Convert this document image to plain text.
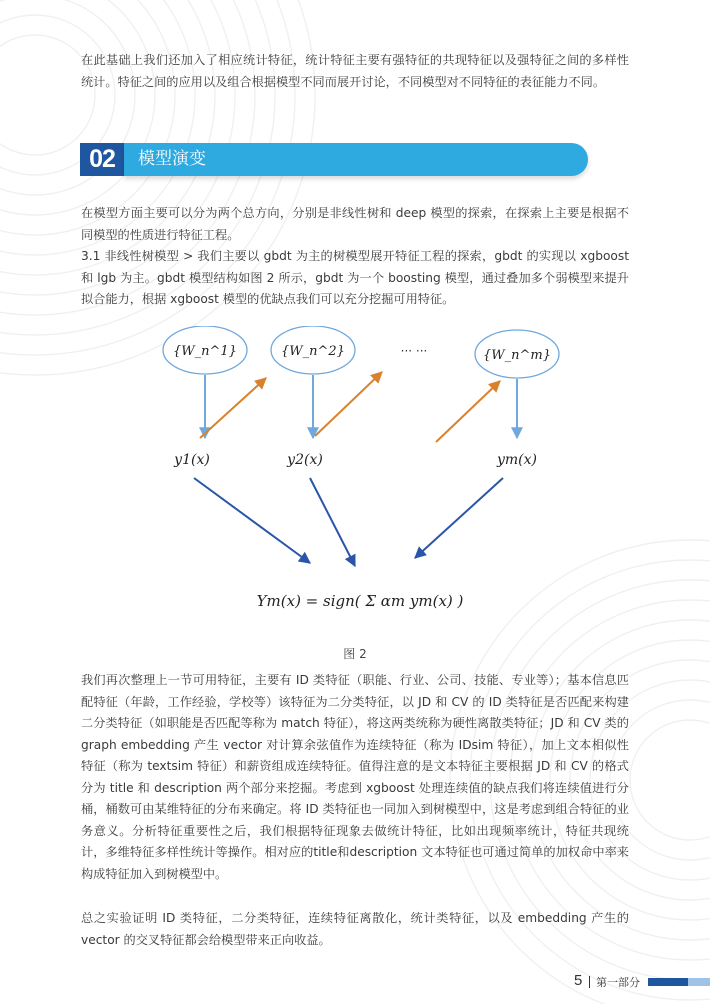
在此基础上我们还加入了相应统计特征，统计特征主要有强特征的共现特征以及强特征之间的多样性统计。特征之间的应用以及组合根据模型不同而展开讨论，不同模型对不同特征的表征能力不同。

02	模型演变

在模型方面主要可以分为两个总方向，分别是非线性树和 deep 模型的探索，在探索上主要是根据不同模型的性质进行特征工程。

3.1 非线性树模型 > 我们主要以 gbdt 为主的树模型展开特征工程的探索，gbdt 的实现以 xgboost 和 lgb 为主。gbdt 模型结构如图 2 所示，gbdt 为一个 boosting 模型，通过叠加多个弱模型来提升拟合能力，根据 xgboost 模型的优缺点我们可以充分挖掘可用特征。

{W_n^1}	{W_n^2}	{W_n^m}
··· ···
y1(x)	y2(x)	ym(x)
Ym(x) = sign( Σ αm ym(x) )
图 2

我们再次整理上一节可用特征，主要有 ID 类特征（职能、行业、公司、技能、专业等）；基本信息匹配特征（年龄，工作经验，学校等）该特征为二分类特征，以 JD 和 CV 的 ID 类特征是否匹配来构建二分类特征（如职能是否匹配等称为 match 特征），将这两类统称为硬性离散类特征；JD 和 CV 类的 graph embedding 产生 vector 对计算余弦值作为连续特征（称为 IDsim 特征），加上文本相似性特征（称为 textsim 特征）和薪资组成连续特征。值得注意的是文本特征主要根据 JD 和 CV 的格式分为 title 和 description 两个部分来挖掘。考虑到 xgboost 处理连续值的缺点我们将连续值进行分桶，桶数可由某维特征的分布来确定。将 ID 类特征也一同加入到树模型中，这是考虑到组合特征的业务意义。分析特征重要性之后，我们根据特征现象去做统计特征，比如出现频率统计，特征共现统计，多维特征多样性统计等操作。相对应的title和description 文本特征也可通过简单的加权命中率来构成特征加入到树模型中。

总之实验证明 ID 类特征，二分类特征，连续特征离散化，统计类特征，以及 embedding 产生的 vector 的交叉特征都会给模型带来正向收益。

5 第一部分
